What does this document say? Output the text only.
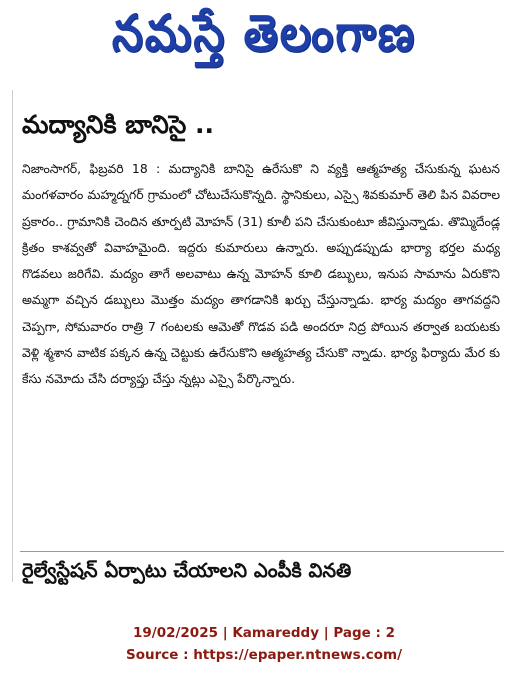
నమస్తే తెలంగాణ
మద్యానికి బానిసై ..

నిజాంసాగర్, ఫిబ్రవరి 18 : మద్యానికి బానిసై ఉరేసుకొ ని వ్యక్తి ఆత్మహత్య చేసుకున్న ఘటన మంగళవారం మహ్మద్నగర్ గ్రామంలో చోటుచేసుకొన్నది. స్థానికులు, ఎస్సై శివకుమార్ తెలి పిన వివరాల ప్రకారం.. గ్రామానికి చెందిన తూర్పటి మోహన్ (31) కూలీ పని చేసుకుంటూ జీవిస్తున్నాడు. తొమ్మిదేండ్ల క్రితం కాశవ్వతో వివాహమైంది. ఇద్దరు కుమారులు ఉన్నారు. అప్పుడప్పుడు భార్యా భర్తల మధ్య గొడవలు జరిగేవి. మద్యం తాగే అలవాటు ఉన్న మోహన్ కూలి డబ్బులు, ఇనుప సామాను ఏరుకొని అమ్మగా వచ్చిన డబ్బులు మొత్తం మద్యం తాగడానికి ఖర్చు చేస్తున్నాడు. భార్య మద్యం తాగవద్దని చెప్పగా, సోమవారం రాత్రి 7 గంటలకు ఆమెతో గొడవ పడి అందరూ నిద్ర పోయిన తర్వాత బయటకు వెళ్లి శ్మశాన వాటిక పక్కన ఉన్న చెట్టుకు ఉరేసుకొని ఆత్మహత్య చేసుకొ న్నాడు. భార్య ఫిర్యాదు మేర కు కేసు నమోదు చేసి దర్యాప్తు చేస్తు న్నట్లు ఎస్సై పేర్కొన్నారు.

రైల్వేస్టేషన్ ఏర్పాటు చేయాలని ఎంపీకి వినతి
19/02/2025 | Kamareddy | Page : 2
Source : https://epaper.ntnews.com/
